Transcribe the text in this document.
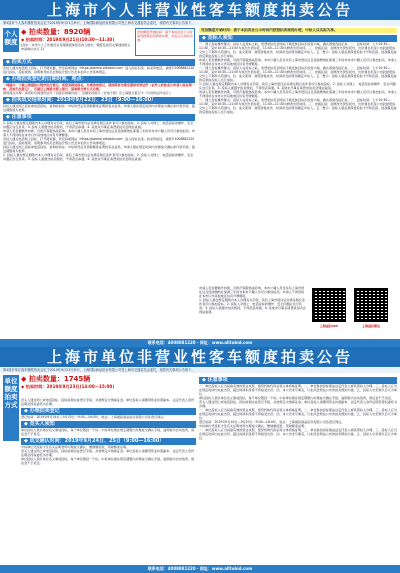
上海市个人非营业性客车额度拍卖公告
第4届市个人客车额度拍卖会定于2019年9月21日举行，上海国际商品拍卖有限公司受上海市交通委员会委托，现将有关事项公告如下。
个人额度
◆ 拍卖数量：8920辆
◆ 拍卖时间：2019年9月21日(10:30—11:30)
(其中：本市个人工作建设在有保障团体报名的人数中，额度发放有关事项按照主申请单位执行 3)
竞拍额度开始时间：请于本拍卖会公示时间内按照拍卖规则办理，中标人以实际为准。
◆ 拍卖方式
竞拍人通过电话网上投标，打开阅览器，凭密码或网站（https://paimai.alltobid.com）进入投标系统。如采用电话，请拨打4008881220进行投标，投标规则、说明参考拍卖会网站介绍公告及本拍卖公告具体规定。
◆ 办理拍卖登记的日期时间、地点：
一网通办：下载上海国拍小程序进行登记，或登录网站报名，办理拍卖登记，请按照有关规定提供有效证件（证件上的姓名与申请人姓名须一致，否则无法登记），可通过上海银行网上银行、国泰银行等方式办理。
现场网点办理：请带好有效身份证件（包括有效期内的）、近期免冠照片（含电子版）及上海银行借记卡（与身份证件对应）。
◆ 拍卖成交结果时间：2019年9月22日、23日（9:00—16:00）
投标人通过网上投标或电话投标，查询时间在：中标的凭证及领取额度证明的有关信息。申请人须在规定时间内办理成交确认和付款手续，超过期限视为放弃。
◆ 注意事项
1. 投标人须在规定期限内本人办理有关手续，具有上海市居住证并满足相应条件者可以参加投标。2. 投标人对网上、电话投标的操作、安全问题应自行负责。3. 投标人须遵守拍卖规则，不得恶意串通。4. 其他未尽事宜请登录拍卖会网站查阅。
申请人若需要额外协助，可拨打客服热线咨询。本市户籍人员及持有上海市居住证且连续缴纳社保满三年的非本市户籍人员可以参加拍卖。申请人不得同时在本市以外其他地区持有号牌额度。
竞拍人通过电话网上投标，打开阅览器，凭密码或网站（https://paimai.alltobid.com）进入投标系统。如采用电话，请拨打4008881220进行投标，投标规则、说明参考拍卖会网站介绍公告及本拍卖公告具体规定。
投标人通过网上投标或电话投标，查询时间在：中标的凭证及领取额度证明的有关信息。申请人须在规定时间内办理成交确认和付款手续，超过期限视为放弃。
1. 投标人须在规定期限内本人办理有关手续，具有上海市居住证并满足相应条件者可以参加投标。2. 投标人对网上、电话投标的操作、安全问题应自行负责。3. 投标人须遵守拍卖规则，不得恶意串通。4. 其他未尽事宜请登录拍卖会网站查阅。
竞拍额度开始时间：请于本拍卖会公示时间内按照拍卖规则办理，中标人以实际为准。
◆ 竞标人须知
一、网上投标操作要点：投标人在投标之前，需登录拍卖会网站下载安装投标系统客户端，确认网络连接正常。二、投标时间：上午10:30—11:30，其中10:30—11:00为首次出价时段，11:00—11:30为修改出价时段。三、价格区间：在修改出价时段内，出价须在系统公布的最低成交价上下300元范围内。四、成交原则：按照价格优先、时间优先的原则确定中标人。五、警示：投标人须妥善保管投标卡号和密码，因泄露造成的后果由投标人自行承担。
申请人若需要额外协助，可拨打客服热线咨询。本市户籍人员及持有上海市居住证且连续缴纳社保满三年的非本市户籍人员可以参加拍卖。申请人不得同时在本市以外其他地区持有号牌额度。
一、网上投标操作要点：投标人在投标之前，需登录拍卖会网站下载安装投标系统客户端，确认网络连接正常。二、投标时间：上午10:30—11:30，其中10:30—11:00为首次出价时段，11:00—11:30为修改出价时段。三、价格区间：在修改出价时段内，出价须在系统公布的最低成交价上下300元范围内。四、成交原则：按照价格优先、时间优先的原则确定中标人。五、警示：投标人须妥善保管投标卡号和密码，因泄露造成的后果由投标人自行承担。
1. 投标人须在规定期限内本人办理有关手续，具有上海市居住证并满足相应条件者可以参加投标。2. 投标人对网上、电话投标的操作、安全问题应自行负责。3. 投标人须遵守拍卖规则，不得恶意串通。4. 其他未尽事宜请登录拍卖会网站查阅。
申请人若需要额外协助，可拨打客服热线咨询。本市户籍人员及持有上海市居住证且连续缴纳社保满三年的非本市户籍人员可以参加拍卖。申请人不得同时在本市以外其他地区持有号牌额度。
一、网上投标操作要点：投标人在投标之前，需登录拍卖会网站下载安装投标系统客户端，确认网络连接正常。二、投标时间：上午10:30—11:30，其中10:30—11:00为首次出价时段，11:00—11:30为修改出价时段。三、价格区间：在修改出价时段内，出价须在系统公布的最低成交价上下300元范围内。四、成交原则：按照价格优先、时间优先的原则确定中标人。五、警示：投标人须妥善保管投标卡号和密码，因泄露造成的后果由投标人自行承担。
上海国拍APP	上海国拍微信
申请人若需要额外协助，可拨打客服热线咨询。本市户籍人员及持有上海市居住证且连续缴纳社保满三年的非本市户籍人员可以参加拍卖。申请人不得同时在本市以外其他地区持有号牌额度。
1. 投标人须在规定期限内本人办理有关手续，具有上海市居住证并满足相应条件者可以参加投标。2. 投标人对网上、电话投标的操作、安全问题应自行负责。3. 投标人须遵守拍卖规则，不得恶意串通。4. 其他未尽事宜请登录拍卖会网站查阅。
联系电话：4008881220 · 网址：www.alltobid.com
上海市单位非营业性客车额度拍卖公告
第4届市单位客车额度拍卖会定于2019年9月23日举行，上海国际商品拍卖有限公司受上海市交通委员会委托，现将有关事项公告如下。
单位额度拍卖方式
◆ 拍卖数量：1745辆
◆ 拍卖时间：2019年9月23日(14:00—15:00)
竞买人通过网上或电话投标，投标前须完成登记手续，并按规定交纳保证金。单位投标人请携带营业执照副本、法定代表人身份证明及授权委托书办理。
◆ 办理拍卖登记
登记时间：2019年9月16日—9月20日（9:00—16:00），地点：上海国际商品拍卖有限公司各登记网点。
◆ 竞买人须知
单位投标人须以单位名义参加投标，每个单位限投一个标。中标单位须在规定期限内办理成交确认手续，逾期视为自动放弃，保证金不予退还。
◆ 成交确认时间：2019年9月24日、25日（9:00—16:00）
中标单位凭投标卡及有关证明材料办理成交确认、缴纳额度款，领取额度证明。
竞买人通过网上或电话投标，投标前须完成登记手续，并按规定交纳保证金。单位投标人请携带营业执照副本、法定代表人身份证明及授权委托书办理。
单位投标人须以单位名义参加投标，每个单位限投一个标。中标单位须在规定期限内办理成交确认手续，逾期视为自动放弃，保证金不予退还。
◆ 注意事项
一、单位投标人应当具备有效的营业执照、组织机构代码证等主体资格证明。二、单位参加投标须由法定代表人或其授权人办理。三、投标人应当在规定时间内完成出价，超过时间系统将不再接受出价。四、本公告未尽事宜，以拍卖会网站公布的拍卖规则为准。五、投标人出价须以百元为单位。
单位投标人须以单位名义参加投标，每个单位限投一个标。中标单位须在规定期限内办理成交确认手续，逾期视为自动放弃，保证金不予退还。
竞买人通过网上或电话投标，投标前须完成登记手续，并按规定交纳保证金。单位投标人请携带营业执照副本、法定代表人身份证明及授权委托书办理。
一、单位投标人应当具备有效的营业执照、组织机构代码证等主体资格证明。二、单位参加投标须由法定代表人或其授权人办理。三、投标人应当在规定时间内完成出价，超过时间系统将不再接受出价。四、本公告未尽事宜，以拍卖会网站公布的拍卖规则为准。五、投标人出价须以百元为单位。
登记时间：2019年9月16日—9月20日（9:00—16:00），地点：上海国际商品拍卖有限公司各登记网点。
中标单位凭投标卡及有关证明材料办理成交确认、缴纳额度款，领取额度证明。
一、单位投标人应当具备有效的营业执照、组织机构代码证等主体资格证明。二、单位参加投标须由法定代表人或其授权人办理。三、投标人应当在规定时间内完成出价，超过时间系统将不再接受出价。四、本公告未尽事宜，以拍卖会网站公布的拍卖规则为准。五、投标人出价须以百元为单位。
联系电话：4008881220 · 网址：www.alltobid.com
